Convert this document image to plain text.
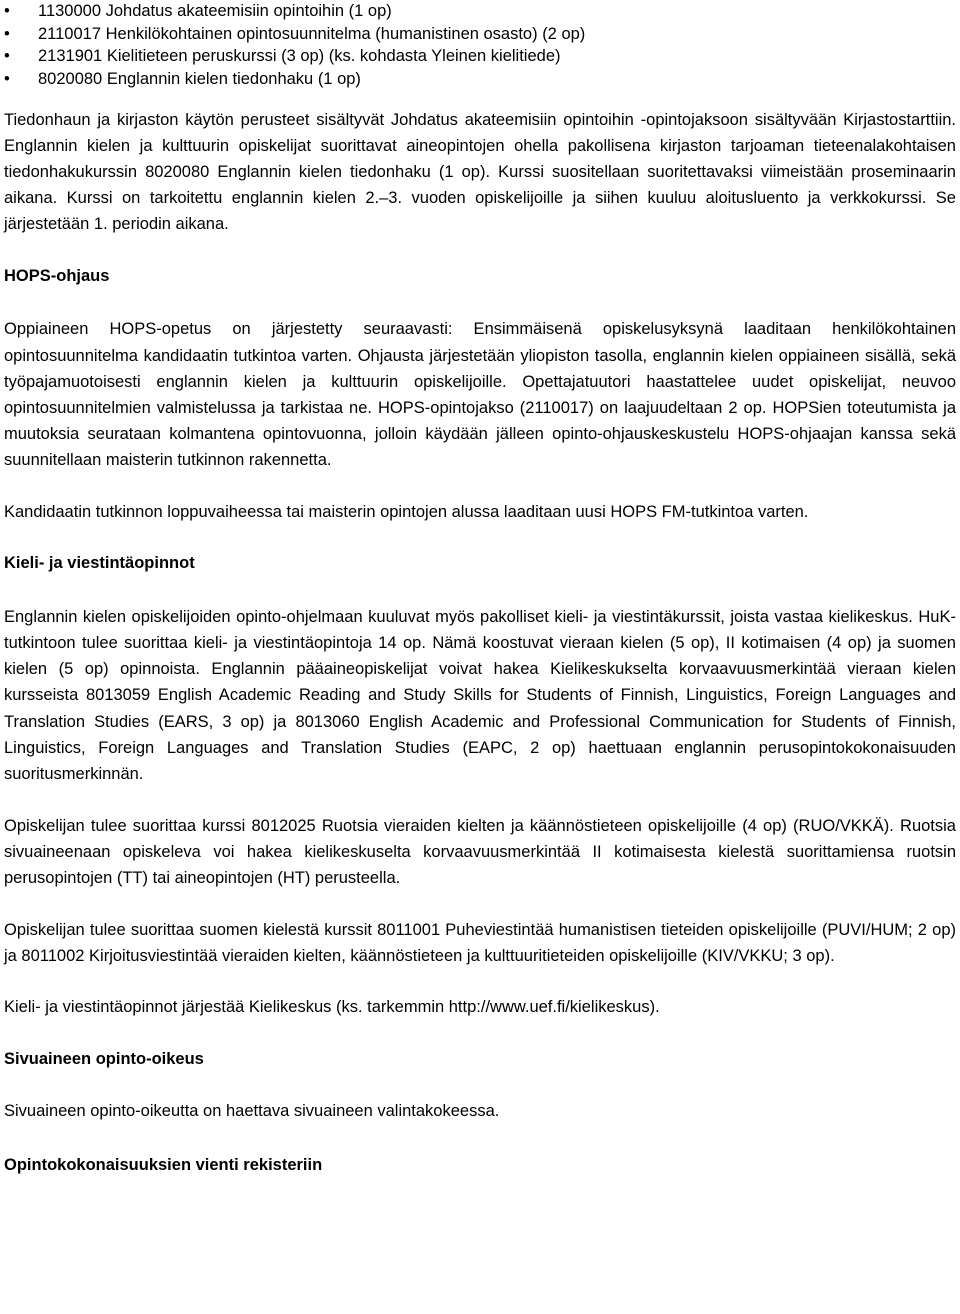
• 1130000 Johdatus akateemisiin opintoihin (1 op)
• 2110017 Henkilökohtainen opintosuunnitelma (humanistinen osasto) (2 op)
• 2131901 Kielitieteen peruskurssi (3 op) (ks. kohdasta Yleinen kielitiede)
• 8020080 Englannin kielen tiedonhaku (1 op)

Tiedonhaun ja kirjaston käytön perusteet sisältyvät Johdatus akateemisiin opintoihin -opintojaksoon sisältyvään Kirjastostarttiin. Englannin kielen ja kulttuurin opiskelijat suorittavat aineopintojen ohella pakollisena kirjaston tarjoaman tieteenalakohtaisen tiedonhakukurssin 8020080 Englannin kielen tiedonhaku (1 op). Kurssi suositellaan suoritettavaksi viimeistään proseminaarin aikana. Kurssi on tarkoitettu englannin kielen 2.–3. vuoden opiskelijoille ja siihen kuuluu aloitusluento ja verkkokurssi. Se järjestetään 1. periodin aikana.

HOPS-ohjaus

Oppiaineen HOPS-opetus on järjestetty seuraavasti: Ensimmäisenä opiskelusyksynä laaditaan henkilökohtainen opintosuunnitelma kandidaatin tutkintoa varten. Ohjausta järjestetään yliopiston tasolla, englannin kielen oppiaineen sisällä, sekä työpajamuotoisesti englannin kielen ja kulttuurin opiskelijoille. Opettajatuutori haastattelee uudet opiskelijat, neuvoo opintosuunnitelmien valmistelussa ja tarkistaa ne. HOPS-opintojakso (2110017) on laajuudeltaan 2 op. HOPSien toteutumista ja muutoksia seurataan kolmantena opintovuonna, jolloin käydään jälleen opinto-ohjauskeskustelu HOPS-ohjaajan kanssa sekä suunnitellaan maisterin tutkinnon rakennetta.

Kandidaatin tutkinnon loppuvaiheessa tai maisterin opintojen alussa laaditaan uusi HOPS FM-tutkintoa varten.

Kieli- ja viestintäopinnot

Englannin kielen opiskelijoiden opinto-ohjelmaan kuuluvat myös pakolliset kieli- ja viestintäkurssit, joista vastaa kielikeskus. HuK-tutkintoon tulee suorittaa kieli- ja viestintäopintoja 14 op. Nämä koostuvat vieraan kielen (5 op), II kotimaisen (4 op) ja suomen kielen (5 op) opinnoista. Englannin pääaineopiskelijat voivat hakea Kielikeskukselta korvaavuusmerkintää vieraan kielen kursseista 8013059 English Academic Reading and Study Skills for Students of Finnish, Linguistics, Foreign Languages and Translation Studies (EARS, 3 op) ja 8013060 English Academic and Professional Communication for Students of Finnish, Linguistics, Foreign Languages and Translation Studies (EAPC, 2 op) haettuaan englannin perusopintokokonaisuuden suoritusmerkinnän.

Opiskelijan tulee suorittaa kurssi 8012025 Ruotsia vieraiden kielten ja käännöstieteen opiskelijoille (4 op) (RUO/VKKÄ). Ruotsia sivuaineenaan opiskeleva voi hakea kielikeskuselta korvaavuusmerkintää II kotimaisesta kielestä suorittamiensa ruotsin perusopintojen (TT) tai aineopintojen (HT) perusteella.

Opiskelijan tulee suorittaa suomen kielestä kurssit 8011001 Puheviestintää humanistisen tieteiden opiskelijoille (PUVI/HUM; 2 op) ja 8011002 Kirjoitusviestintää vieraiden kielten, käännöstieteen ja kulttuuritieteiden opiskelijoille (KIV/VKKU; 3 op).

Kieli- ja viestintäopinnot järjestää Kielikeskus (ks. tarkemmin http://www.uef.fi/kielikeskus).

Sivuaineen opinto-oikeus

Sivuaineen opinto-oikeutta on haettava sivuaineen valintakokeessa.

Opintokokonaisuuksien vienti rekisteriin
